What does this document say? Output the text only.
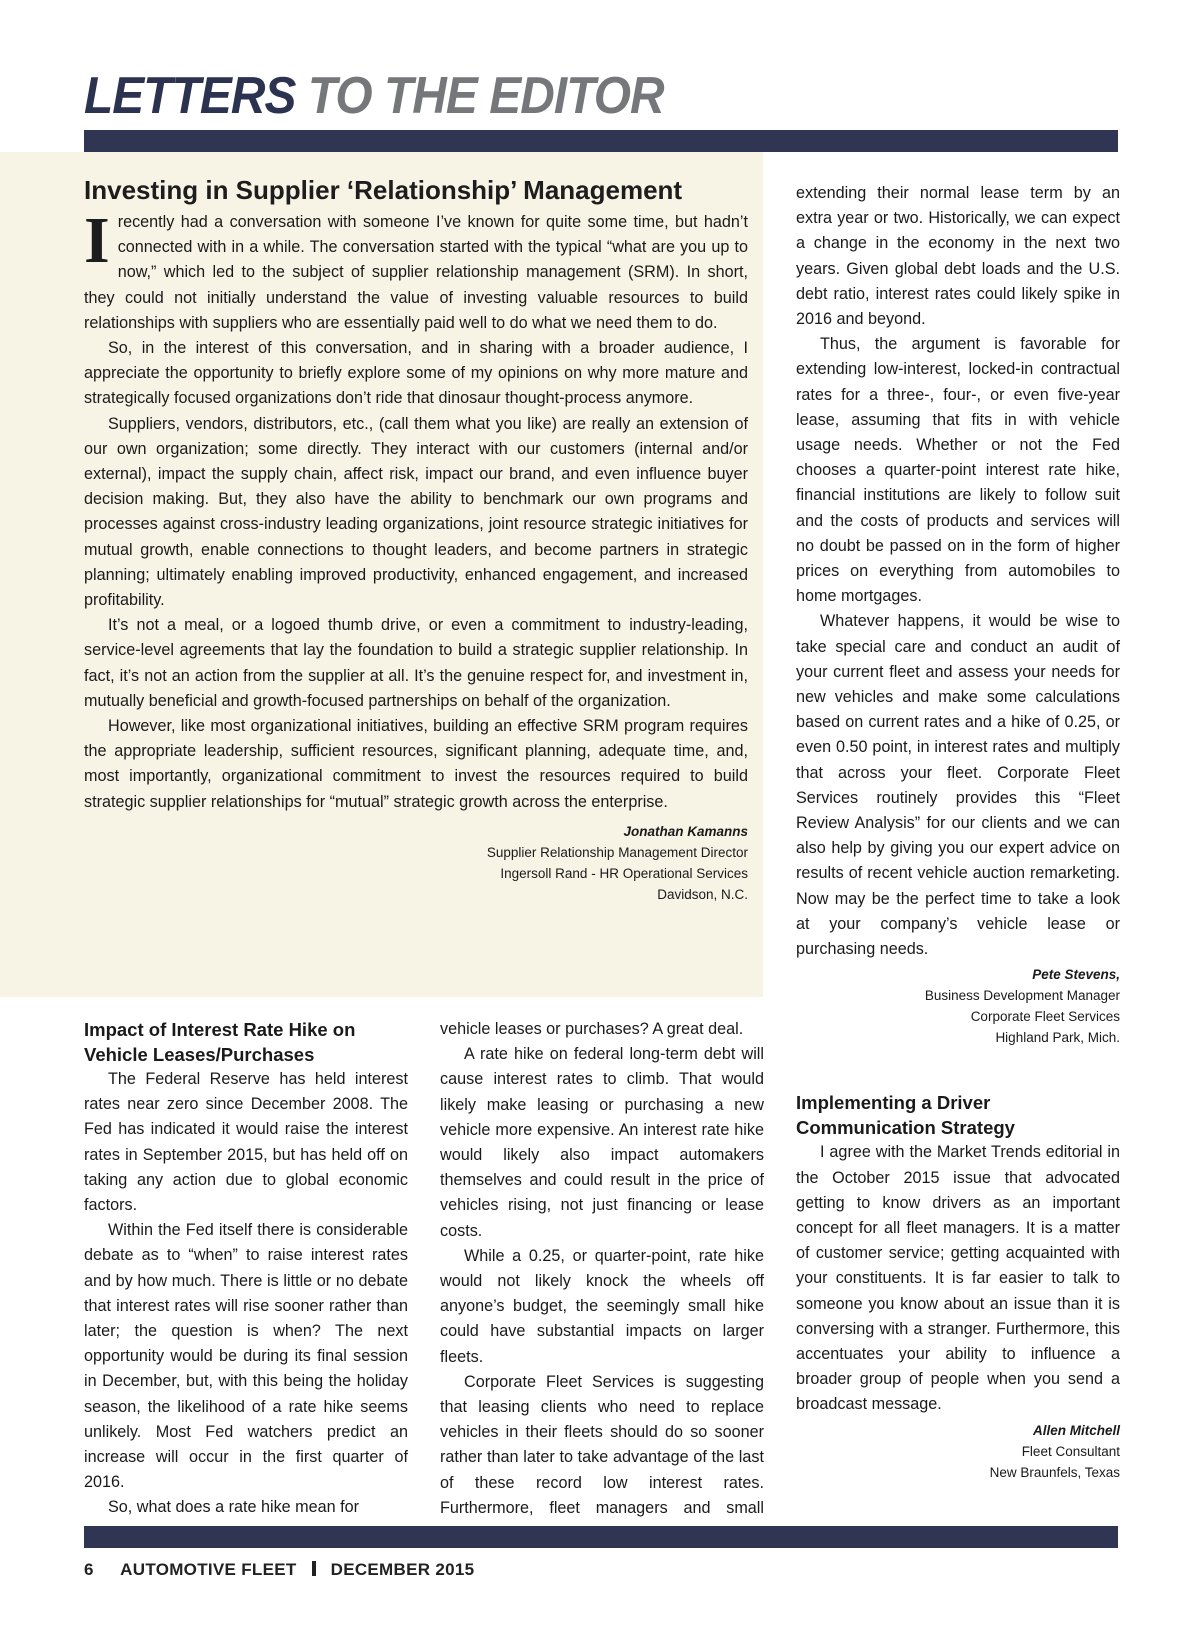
LETTERS TO THE EDITOR
Investing in Supplier ‘Relationship’ Management

Irecently had a conversation with someone I’ve known for quite some time, but hadn’t connected with in a while. The conversation started with the typical “what are you up to now,” which led to the subject of supplier relationship management (SRM). In short, they could not initially understand the value of investing valuable resources to build relationships with suppliers who are essentially paid well to do what we need them to do.

So, in the interest of this conversation, and in sharing with a broader audience, I appreciate the opportunity to briefly explore some of my opinions on why more mature and strategically focused organizations don’t ride that dinosaur thought-process anymore.

Suppliers, vendors, distributors, etc., (call them what you like) are really an extension of our own organization; some directly. They interact with our customers (internal and/or external), impact the supply chain, affect risk, impact our brand, and even influence buyer decision making. But, they also have the ability to benchmark our own programs and processes against cross-industry leading organizations, joint resource strategic initiatives for mutual growth, enable connections to thought leaders, and become partners in strategic planning; ultimately enabling improved productivity, enhanced engagement, and increased profitability.

It’s not a meal, or a logoed thumb drive, or even a commitment to industry-leading, service-level agreements that lay the foundation to build a strategic supplier relationship. In fact, it’s not an action from the supplier at all. It’s the genuine respect for, and investment in, mutually beneficial and growth-focused partnerships on behalf of the organization.

However, like most organizational initiatives, building an effective SRM program requires the appropriate leadership, sufficient resources, significant planning, adequate time, and, most importantly, organizational commitment to invest the resources required to build strategic supplier relationships for “mutual” strategic growth across the enterprise.

Jonathan Kamanns
Supplier Relationship Management Director
Ingersoll Rand - HR Operational Services
Davidson, N.C.
Impact of Interest Rate Hike on Vehicle Leases/Purchases

The Federal Reserve has held interest rates near zero since December 2008. The Fed has indicated it would raise the interest rates in September 2015, but has held off on taking any action due to global economic factors.

Within the Fed itself there is considerable debate as to “when” to raise interest rates and by how much. There is little or no debate that interest rates will rise sooner rather than later; the question is when? The next opportunity would be during its final session in December, but, with this being the holiday season, the likelihood of a rate hike seems unlikely. Most Fed watchers predict an increase will occur in the first quarter of 2016.

So, what does a rate hike mean for

vehicle leases or purchases? A great deal.

A rate hike on federal long-term debt will cause interest rates to climb. That would likely make leasing or purchasing a new vehicle more expensive. An interest rate hike would likely also impact automakers themselves and could result in the price of vehicles rising, not just financing or lease costs.

While a 0.25, or quarter-point, rate hike would not likely knock the wheels off anyone’s budget, the seemingly small hike could have substantial impacts on larger fleets.

Corporate Fleet Services is suggesting that leasing clients who need to replace vehicles in their fleets should do so sooner rather than later to take advantage of the last of these record low interest rates. Furthermore, fleet managers and small

extending their normal lease term by an extra year or two. Historically, we can expect a change in the economy in the next two years. Given global debt loads and the U.S. debt ratio, interest rates could likely spike in 2016 and beyond.

Thus, the argument is favorable for extending low-interest, locked-in contractual rates for a three-, four-, or even five-year lease, assuming that fits in with vehicle usage needs. Whether or not the Fed chooses a quarter-point interest rate hike, financial institutions are likely to follow suit and the costs of products and services will no doubt be passed on in the form of higher prices on everything from automobiles to home mortgages.

Whatever happens, it would be wise to take special care and conduct an audit of your current fleet and assess your needs for new vehicles and make some calculations based on current rates and a hike of 0.25, or even 0.50 point, in interest rates and multiply that across your fleet. Corporate Fleet Services routinely provides this “Fleet Review Analysis” for our clients and we can also help by giving you our expert advice on results of recent vehicle auction remarketing. Now may be the perfect time to take a look at your company’s vehicle lease or purchasing needs.

Pete Stevens,
Business Development Manager
Corporate Fleet Services
Highland Park, Mich.
Implementing a Driver Communication Strategy

I agree with the Market Trends editorial in the October 2015 issue that advocated getting to know drivers as an important concept for all fleet managers. It is a matter of customer service; getting acquainted with your constituents. It is far easier to talk to someone you know about an issue than it is conversing with a stranger. Furthermore, this accentuates your ability to influence a broader group of people when you send a broadcast message.

Allen Mitchell
Fleet Consultant
New Braunfels, Texas
6 AUTOMOTIVE FLEET DECEMBER 2015
